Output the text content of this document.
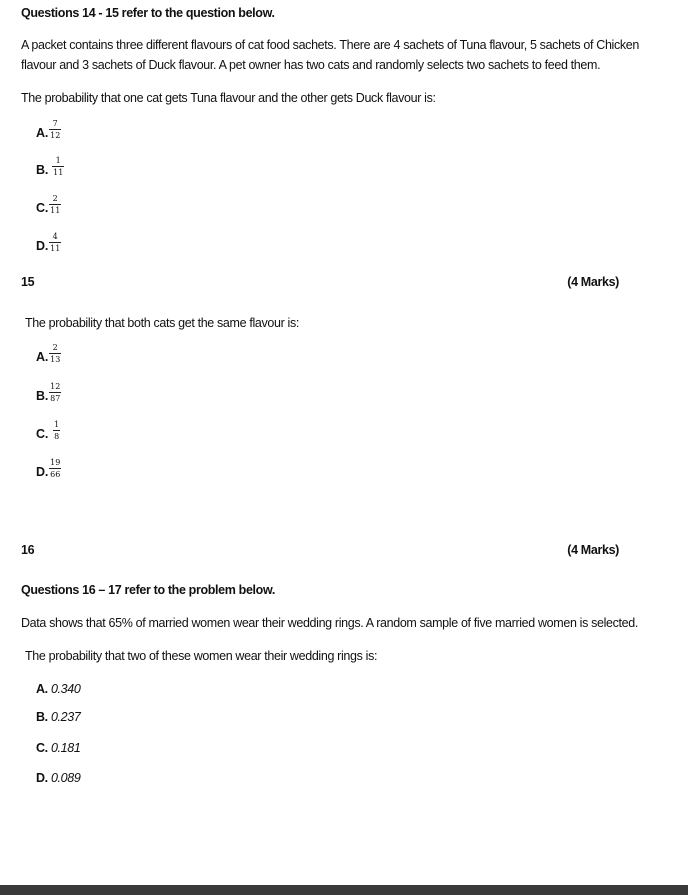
Questions 14 - 15 refer to the question below.
A packet contains three different flavours of cat food sachets. There are 4 sachets of Tuna flavour, 5 sachets of Chicken
flavour and 3 sachets of Duck flavour. A pet owner has two cats and randomly selects two sachets to feed them.
The probability that one cat gets Tuna flavour and the other gets Duck flavour is:
A. $\frac{7}{12}$
B. $\frac{1}{11}$
C. $\frac{2}{11}$
D. $\frac{4}{11}$
15	(4 Marks)
The probability that both cats get the same flavour is:
A. $\frac{2}{13}$
B. $\frac{12}{87}$
C. $\frac{1}{8}$
D. $\frac{19}{66}$
16	(4 Marks)
Questions 16 – 17 refer to the problem below.
Data shows that 65% of married women wear their wedding rings. A random sample of five married women is selected.
The probability that two of these women wear their wedding rings is:
A. 0.340
B. 0.237
C. 0.181
D. 0.089
